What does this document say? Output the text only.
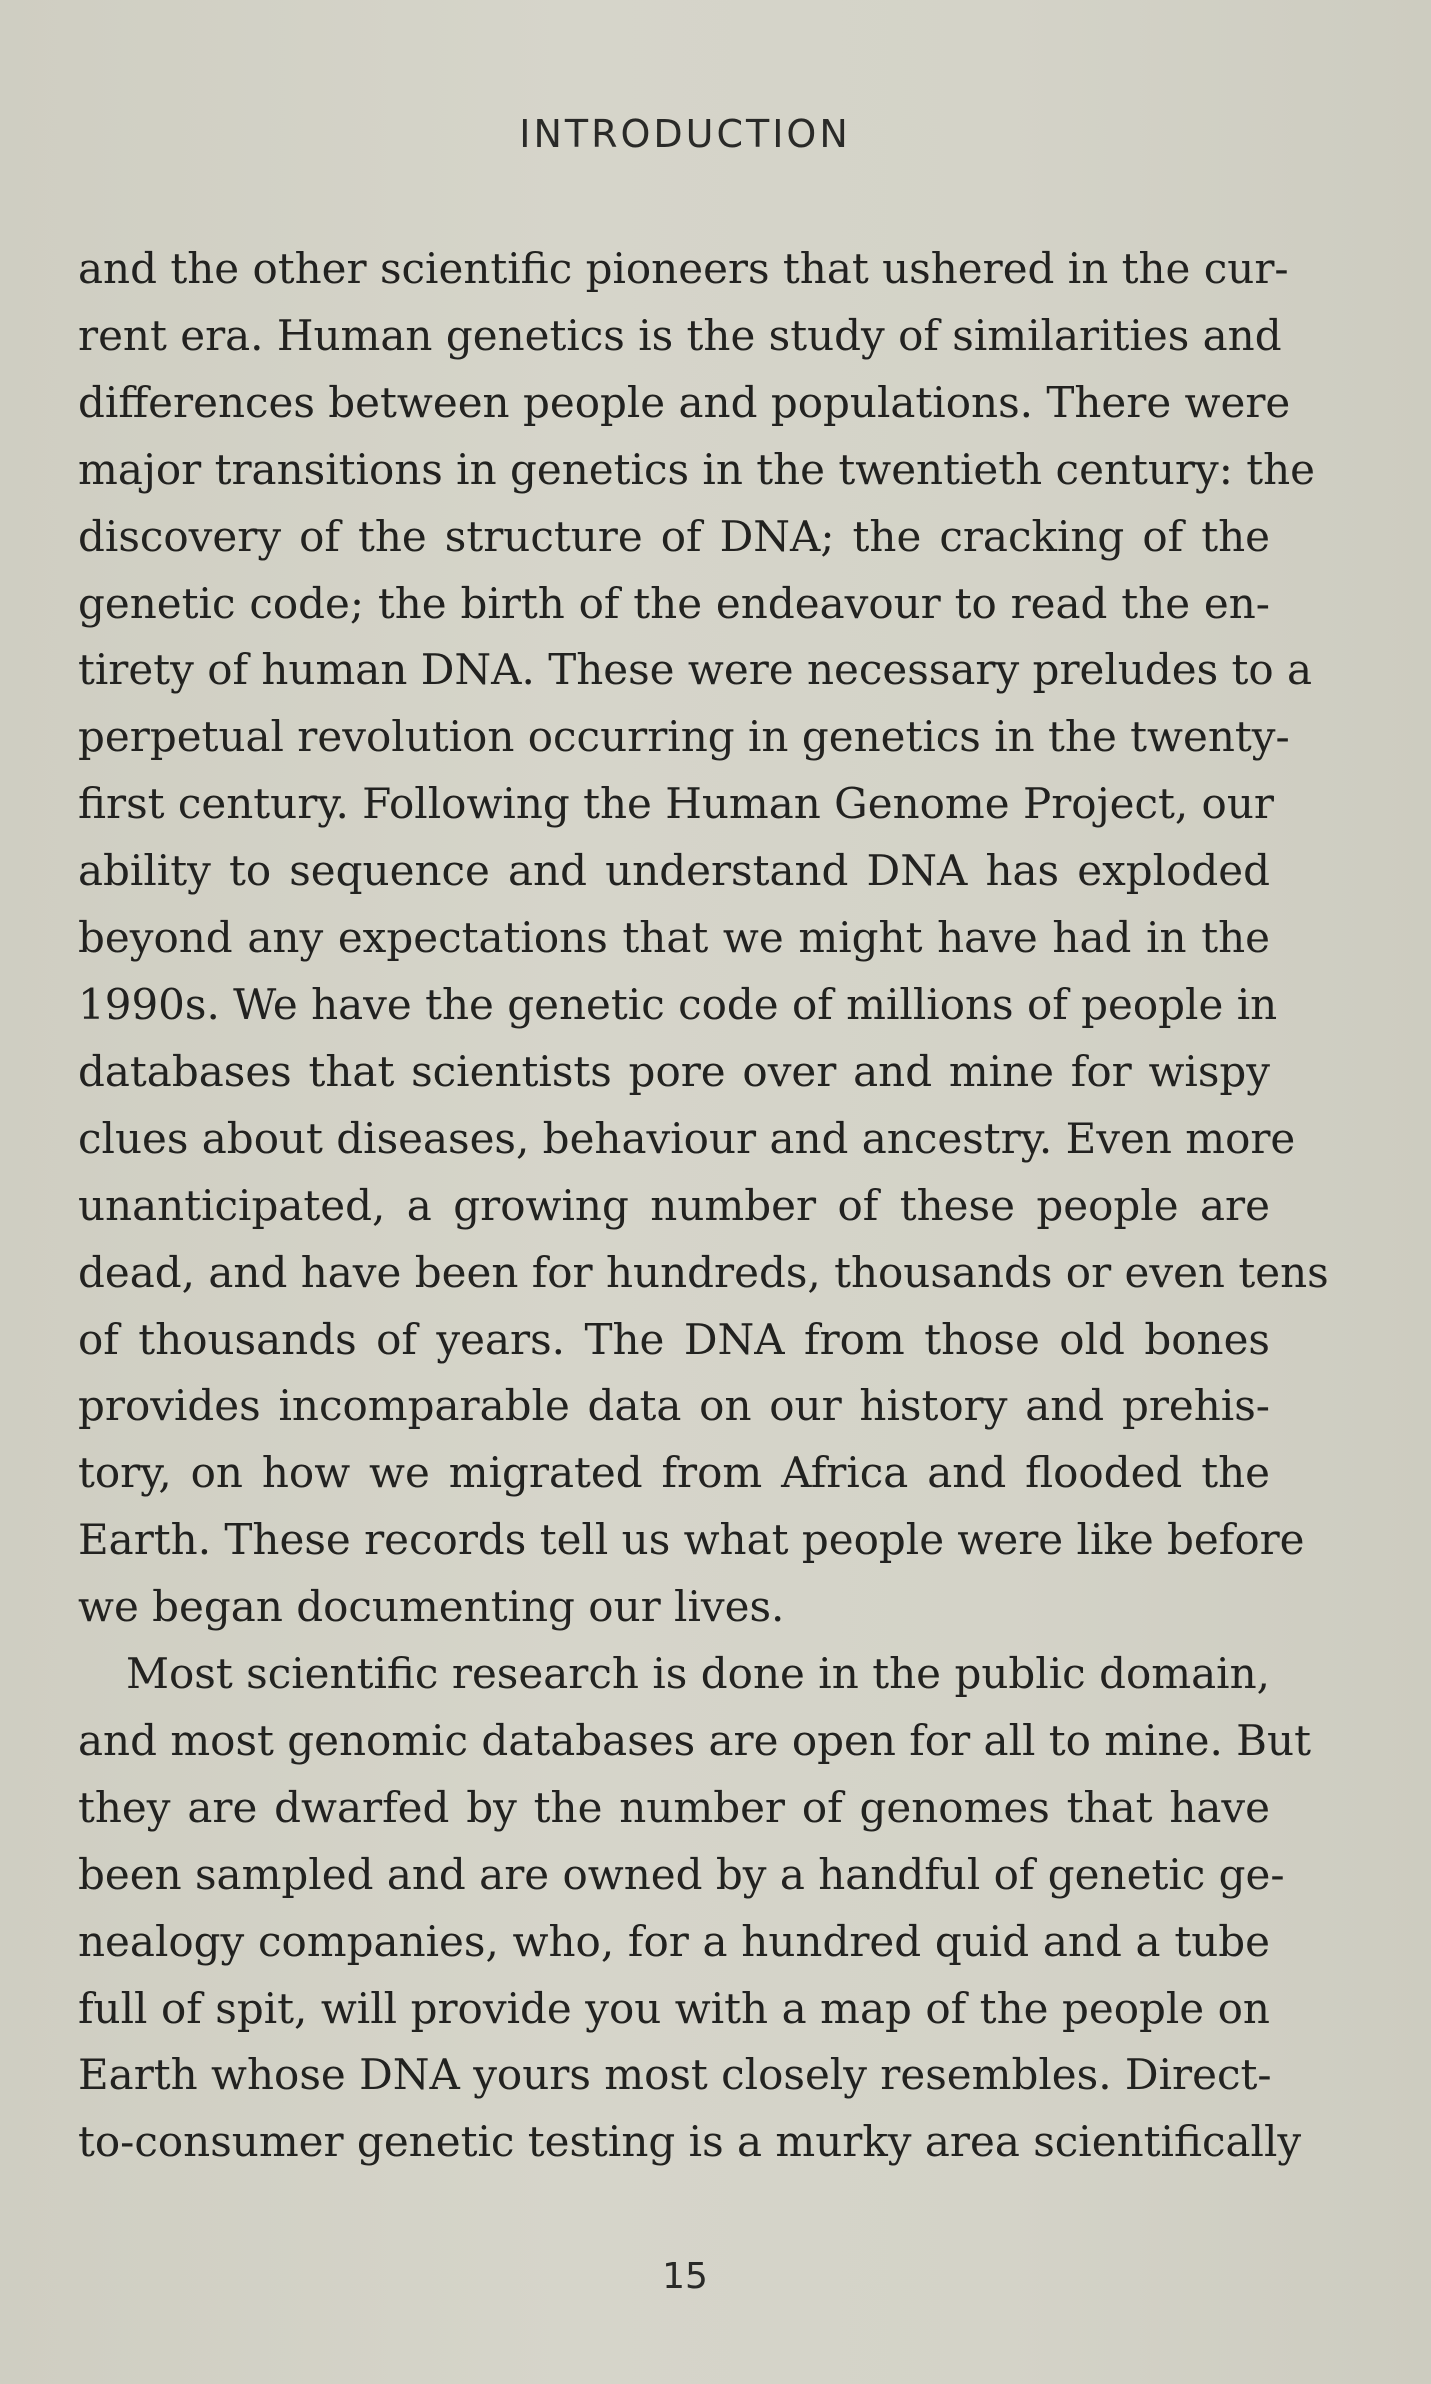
INTRODUCTION

and the other scientific pioneers that ushered in the cur-
rent era. Human genetics is the study of similarities and
differences between people and populations. There were
major transitions in genetics in the twentieth century: the
discovery of the structure of DNA; the cracking of the
genetic code; the birth of the endeavour to read the en-
tirety of human DNA. These were necessary preludes to a
perpetual revolution occurring in genetics in the twenty-
first century. Following the Human Genome Project, our
ability to sequence and understand DNA has exploded
beyond any expectations that we might have had in the
1990s. We have the genetic code of millions of people in
databases that scientists pore over and mine for wispy
clues about diseases, behaviour and ancestry. Even more
unanticipated, a growing number of these people are
dead, and have been for hundreds, thousands or even tens
of thousands of years. The DNA from those old bones
provides incomparable data on our history and prehis-
tory, on how we migrated from Africa and flooded the
Earth. These records tell us what people were like before
we began documenting our lives.

Most scientific research is done in the public domain,
and most genomic databases are open for all to mine. But
they are dwarfed by the number of genomes that have
been sampled and are owned by a handful of genetic ge-
nealogy companies, who, for a hundred quid and a tube
full of spit, will provide you with a map of the people on
Earth whose DNA yours most closely resembles. Direct-
to-consumer genetic testing is a murky area scientifically

15
